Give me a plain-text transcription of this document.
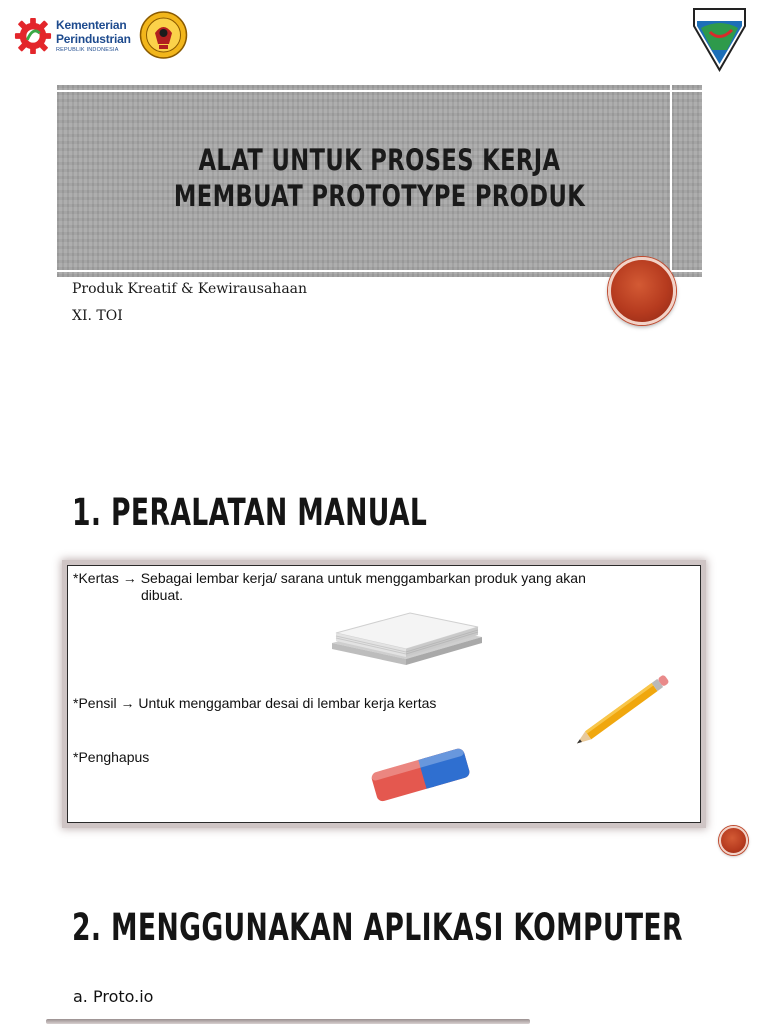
Kementerian
Perindustrian
REPUBLIK INDONESIA
ALAT UNTUK PROSES KERJA MEMBUAT PROTOTYPE PRODUK
Produk Kreatif & Kewirausahaan
XI. TOI
1. PERALATAN MANUAL
*Kertas → Sebagai lembar kerja/ sarana untuk menggambarkan produk yang akan
dibuat.
*Pensil → Untuk menggambar desai di lembar kerja kertas
*Penghapus
2. MENGGUNAKAN APLIKASI KOMPUTER
a. Proto.io
